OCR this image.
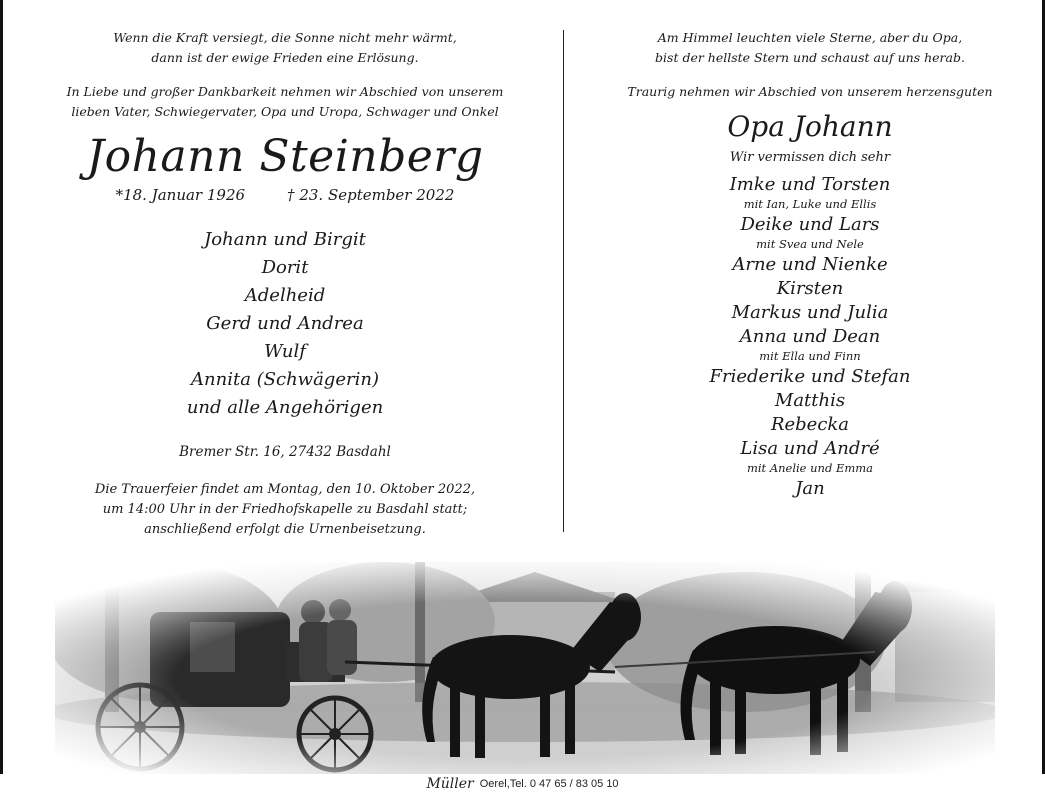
Wenn die Kraft versiegt, die Sonne nicht mehr wärmt,
dann ist der ewige Frieden eine Erlösung.
In Liebe und großer Dankbarkeit nehmen wir Abschied von unserem
lieben Vater, Schwiegervater, Opa und Uropa, Schwager und Onkel
Johann Steinberg
*18. Januar 1926	† 23. September 2022
Johann und Birgit
Dorit
Adelheid
Gerd und Andrea
Wulf
Annita (Schwägerin)
und alle Angehörigen
Bremer Str. 16, 27432 Basdahl
Die Trauerfeier findet am Montag, den 10. Oktober 2022,
um 14:00 Uhr in der Friedhofskapelle zu Basdahl statt;
anschließend erfolgt die Urnenbeisetzung.
Am Himmel leuchten viele Sterne, aber du Opa,
bist der hellste Stern und schaust auf uns herab.
Traurig nehmen wir Abschied von unserem herzensguten
Opa Johann
Wir vermissen dich sehr
Imke und Torsten
mit Ian, Luke und Ellis
Deike und Lars
mit Svea und Nele
Arne und Nienke
Kirsten
Markus und Julia
Anna und Dean
mit Ella und Finn
Friederike und Stefan
Matthis
Rebecka
Lisa und André
mit Anelie und Emma
Jan
Müller Oerel,Tel. 0 47 65 / 83 05 10
